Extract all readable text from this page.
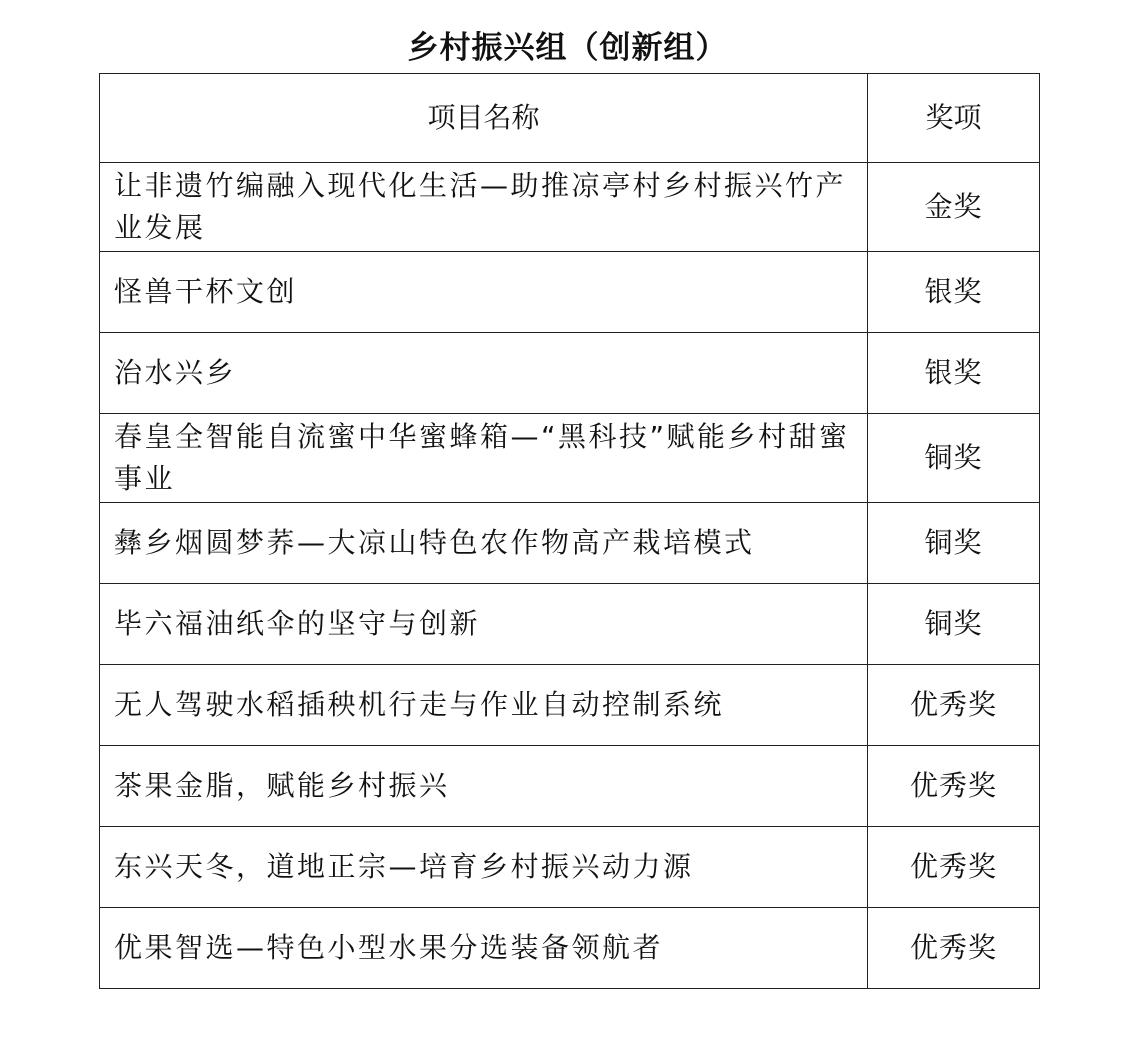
乡村振兴组（创新组）
项目名称	奖项
让非遗竹编融入现代化生活—助推凉亭村乡村振兴竹产业发展	金奖
怪兽干杯文创	银奖
治水兴乡	银奖
春皇全智能自流蜜中华蜜蜂箱—“黑科技”赋能乡村甜蜜事业	铜奖
彝乡烟圆梦荞—大凉山特色农作物高产栽培模式	铜奖
毕六福油纸伞的坚守与创新	铜奖
无人驾驶水稻插秧机行走与作业自动控制系统	优秀奖
茶果金脂，赋能乡村振兴	优秀奖
东兴天冬，道地正宗—培育乡村振兴动力源	优秀奖
优果智选—特色小型水果分选装备领航者	优秀奖
